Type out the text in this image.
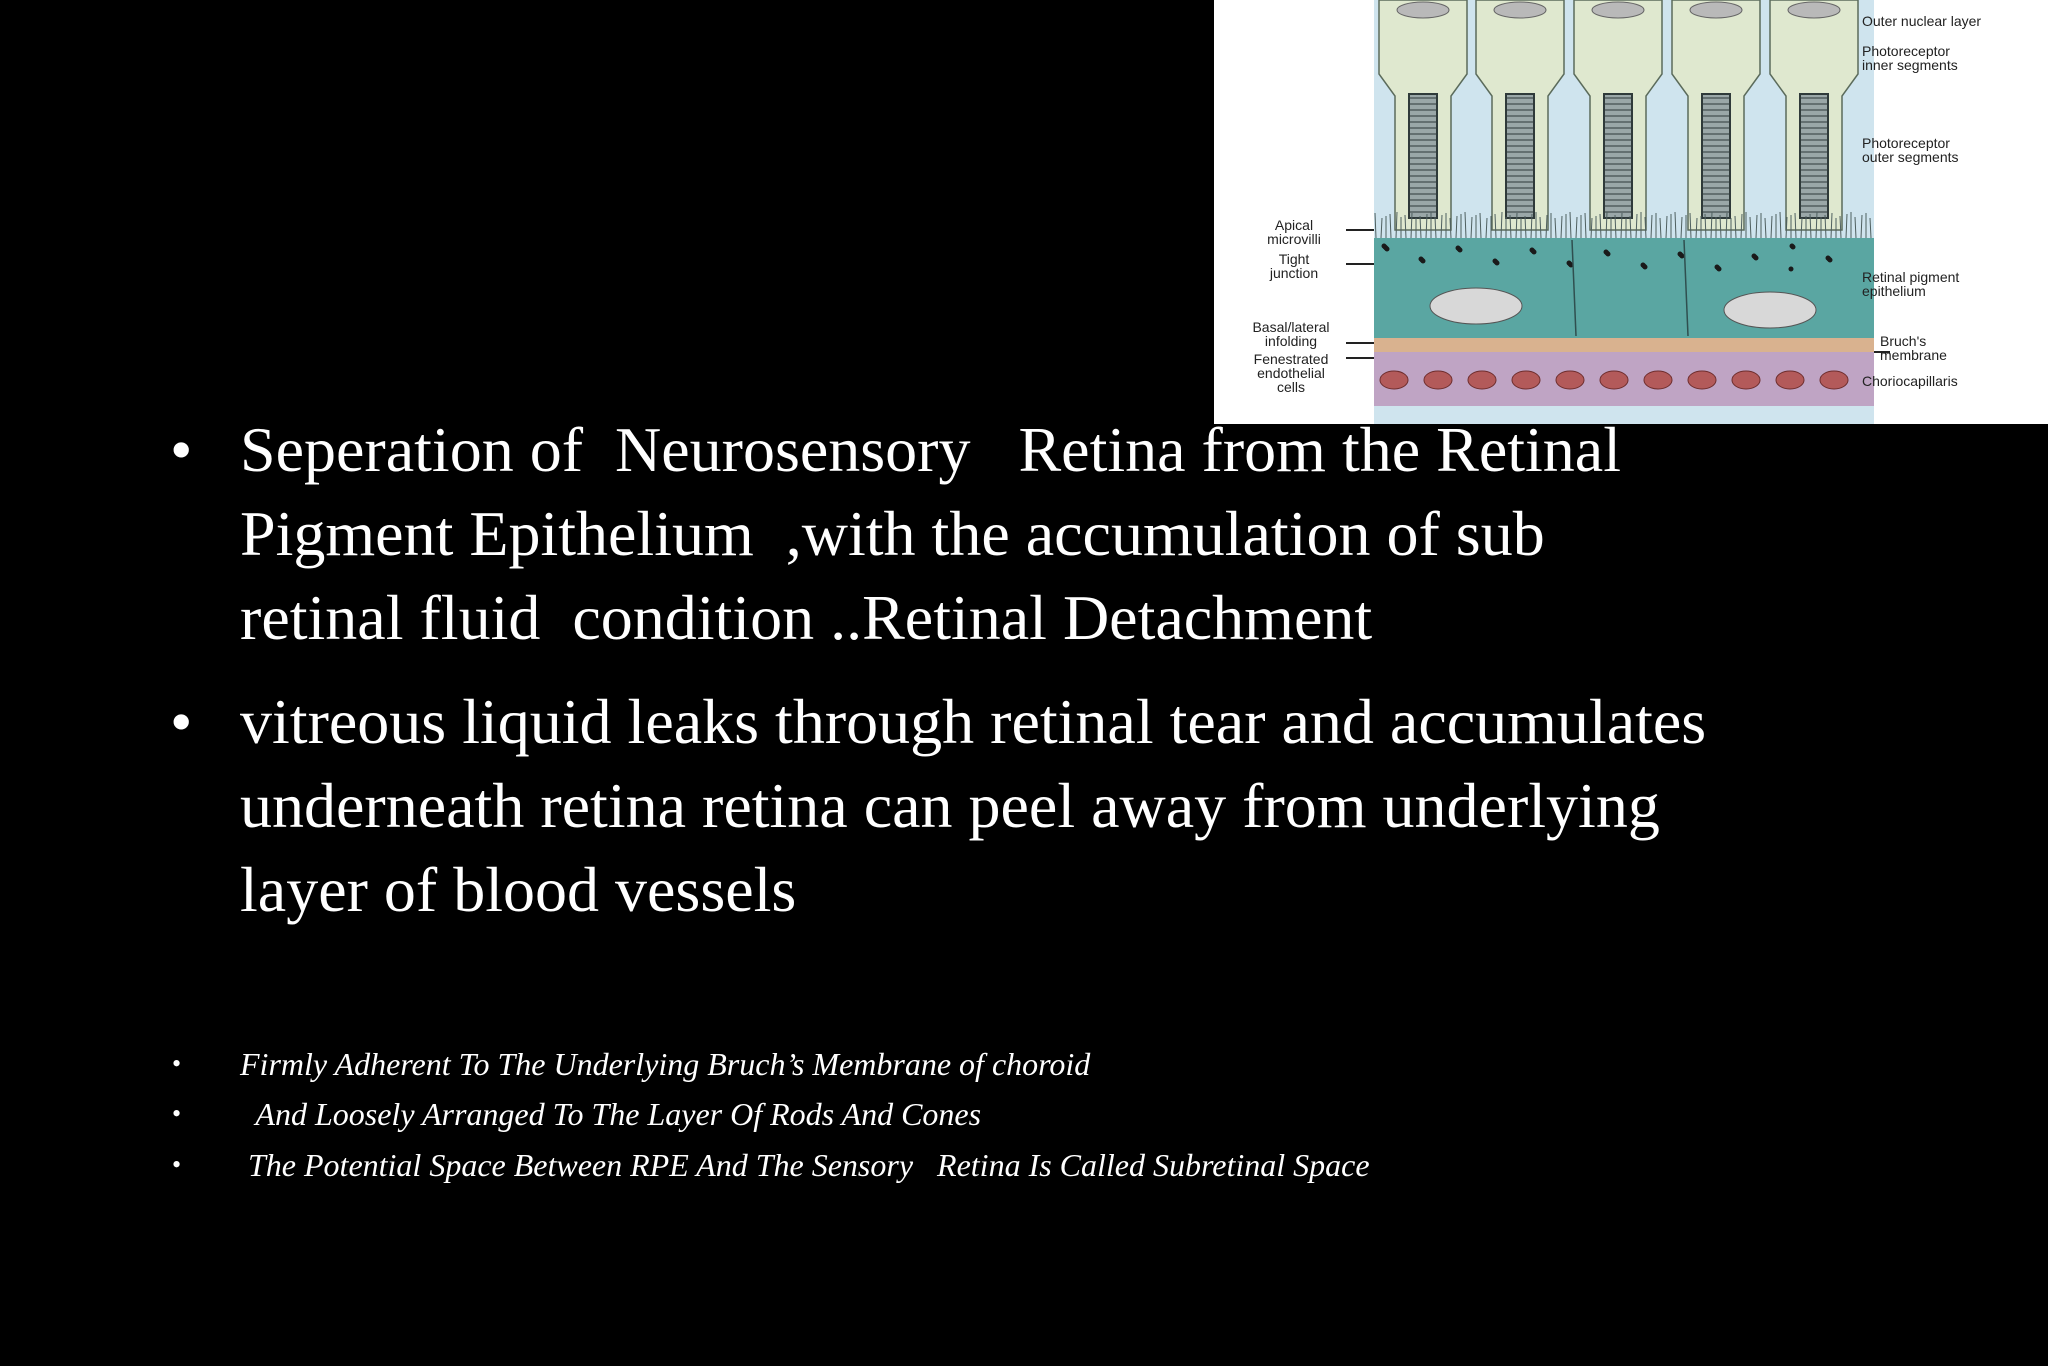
Outer nuclear layer
Photoreceptor
inner segments
Photoreceptor
outer segments
Retinal pigment
epithelium
Bruch's
membrane
Choriocapillaris
Apical
microvilli
Tight
junction
Basal/lateral
infolding
Fenestrated
endothelial
cells
• Seperation of  Neurosensory   Retina from the Retinal
Pigment Epithelium  ,with the accumulation of sub
retinal fluid  condition ..Retinal Detachment
• vitreous liquid leaks through retinal tear and accumulates
underneath retina retina can peel away from underlying
layer of blood vessels
• Firmly Adherent To The Underlying Bruch’s Membrane of choroid
• And Loosely Arranged To The Layer Of Rods And Cones
• The Potential Space Between RPE And The Sensory   Retina Is Called Subretinal Space
